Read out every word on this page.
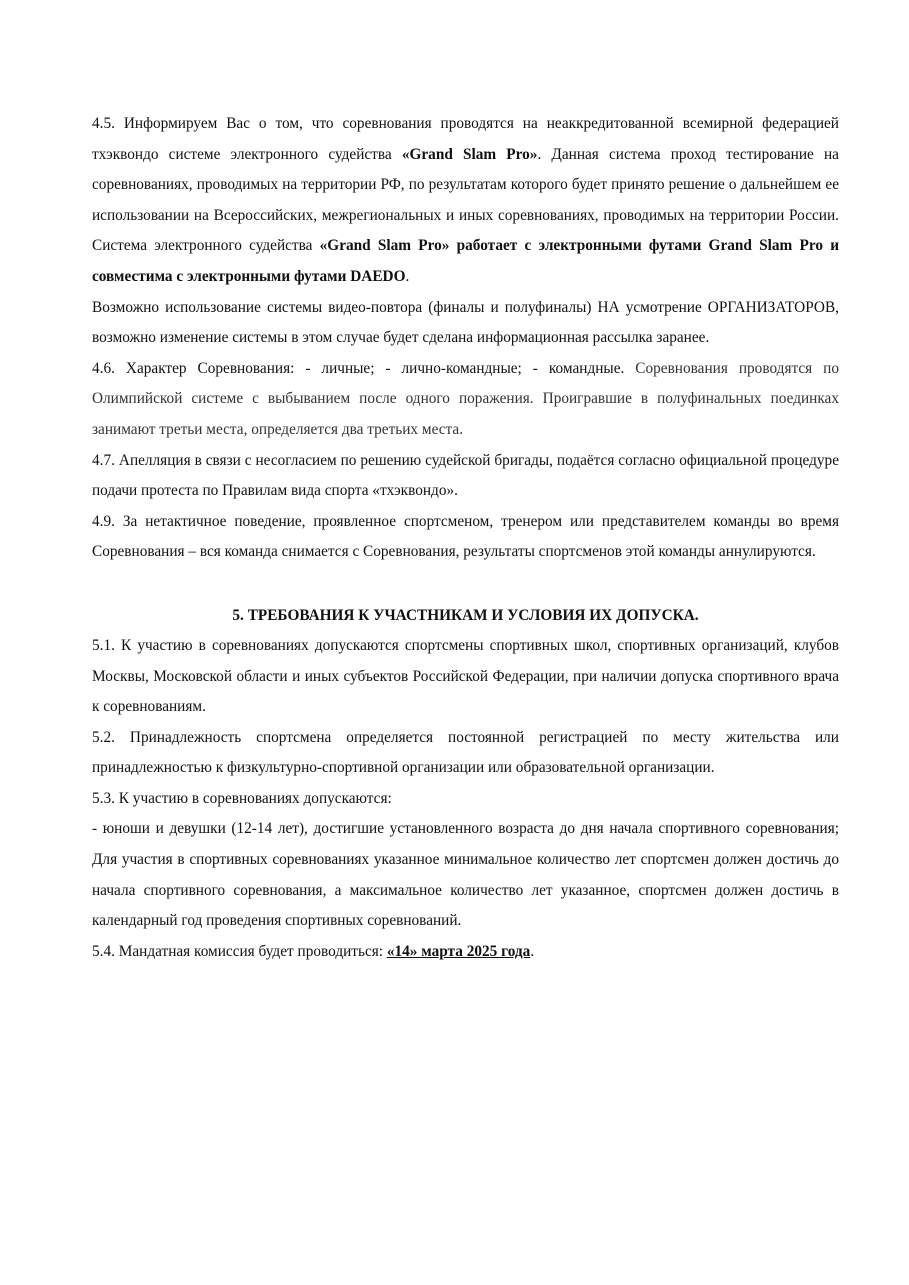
4.5. Информируем Вас о том, что соревнования проводятся на неаккредитованной всемирной федерацией тхэквондо системе электронного судейства «Grand Slam Pro». Данная система проход тестирование на соревнованиях, проводимых на территории РФ, по результатам которого будет принято решение о дальнейшем ее использовании на Всероссийских, межрегиональных и иных соревнованиях, проводимых на территории России. Система электронного судейства «Grand Slam Pro» работает с электронными футами Grand Slam Pro и совместима с электронными футами DAEDO.

Возможно использование системы видео-повтора (финалы и полуфиналы) НА усмотрение ОРГАНИЗАТОРОВ, возможно изменение системы в этом случае будет сделана информационная рассылка заранее.

4.6. Характер Соревнования: - личные; - лично-командные; - командные. Соревнования проводятся по Олимпийской системе с выбыванием после одного поражения. Проигравшие в полуфинальных поединках занимают третьи места, определяется два третьих места.

4.7. Апелляция в связи с несогласием по решению судейской бригады, подаётся согласно официальной процедуре подачи протеста по Правилам вида спорта «тхэквондо».

4.9. За нетактичное поведение, проявленное спортсменом, тренером или представителем команды во время Соревнования – вся команда снимается с Соревнования, результаты спортсменов этой команды аннулируются.

5. ТРЕБОВАНИЯ К УЧАСТНИКАМ И УСЛОВИЯ ИХ ДОПУСКА.

5.1. К участию в соревнованиях допускаются спортсмены спортивных школ, спортивных организаций, клубов Москвы, Московской области и иных субъектов Российской Федерации, при наличии допуска спортивного врача к соревнованиям.

5.2. Принадлежность спортсмена определяется постоянной регистрацией по месту жительства или принадлежностью к физкультурно-спортивной организации или образовательной организации.

5.3. К участию в соревнованиях допускаются:

- юноши и девушки (12-14 лет), достигшие установленного возраста до дня начала спортивного соревнования; Для участия в спортивных соревнованиях указанное минимальное количество лет спортсмен должен достичь до начала спортивного соревнования, а максимальное количество лет указанное, спортсмен должен достичь в календарный год проведения спортивных соревнований.

5.4. Мандатная комиссия будет проводиться: «14» марта 2025 года.
